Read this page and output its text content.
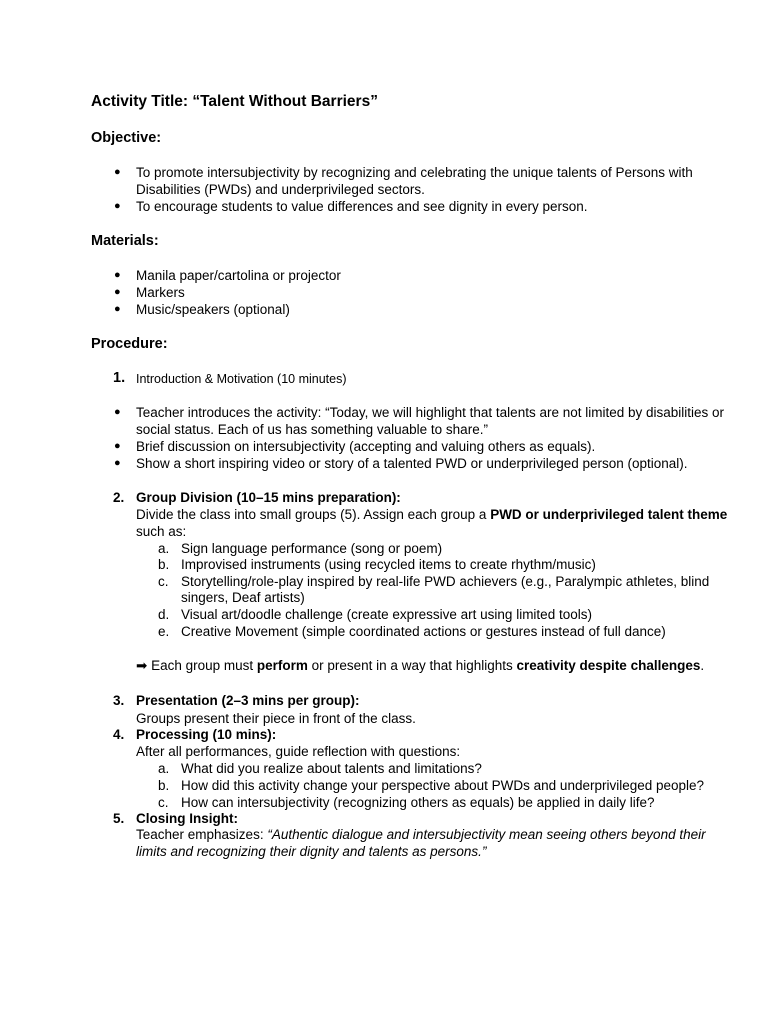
Activity Title: “Talent Without Barriers”
Objective:
● To promote intersubjectivity by recognizing and celebrating the unique talents of Persons with
Disabilities (PWDs) and underprivileged sectors.
● To encourage students to value differences and see dignity in every person.
Materials:
● Manila paper/cartolina or projector
● Markers
● Music/speakers (optional)
Procedure:
1. Introduction & Motivation (10 minutes)
● Teacher introduces the activity: “Today, we will highlight that talents are not limited by disabilities or
social status. Each of us has something valuable to share.”
● Brief discussion on intersubjectivity (accepting and valuing others as equals).
● Show a short inspiring video or story of a talented PWD or underprivileged person (optional).
2. Group Division (10–15 mins preparation):
Divide the class into small groups (5). Assign each group a PWD or underprivileged talent theme
such as:
a. Sign language performance (song or poem)
b. Improvised instruments (using recycled items to create rhythm/music)
c. Storytelling/role-play inspired by real-life PWD achievers (e.g., Paralympic athletes, blind
singers, Deaf artists)
d. Visual art/doodle challenge (create expressive art using limited tools)
e. Creative Movement (simple coordinated actions or gestures instead of full dance)
➡ Each group must perform or present in a way that highlights creativity despite challenges.
3. Presentation (2–3 mins per group):
Groups present their piece in front of the class.
4. Processing (10 mins):
After all performances, guide reflection with questions:
a. What did you realize about talents and limitations?
b. How did this activity change your perspective about PWDs and underprivileged people?
c. How can intersubjectivity (recognizing others as equals) be applied in daily life?
5. Closing Insight:
Teacher emphasizes: “Authentic dialogue and intersubjectivity mean seeing others beyond their
limits and recognizing their dignity and talents as persons.”
